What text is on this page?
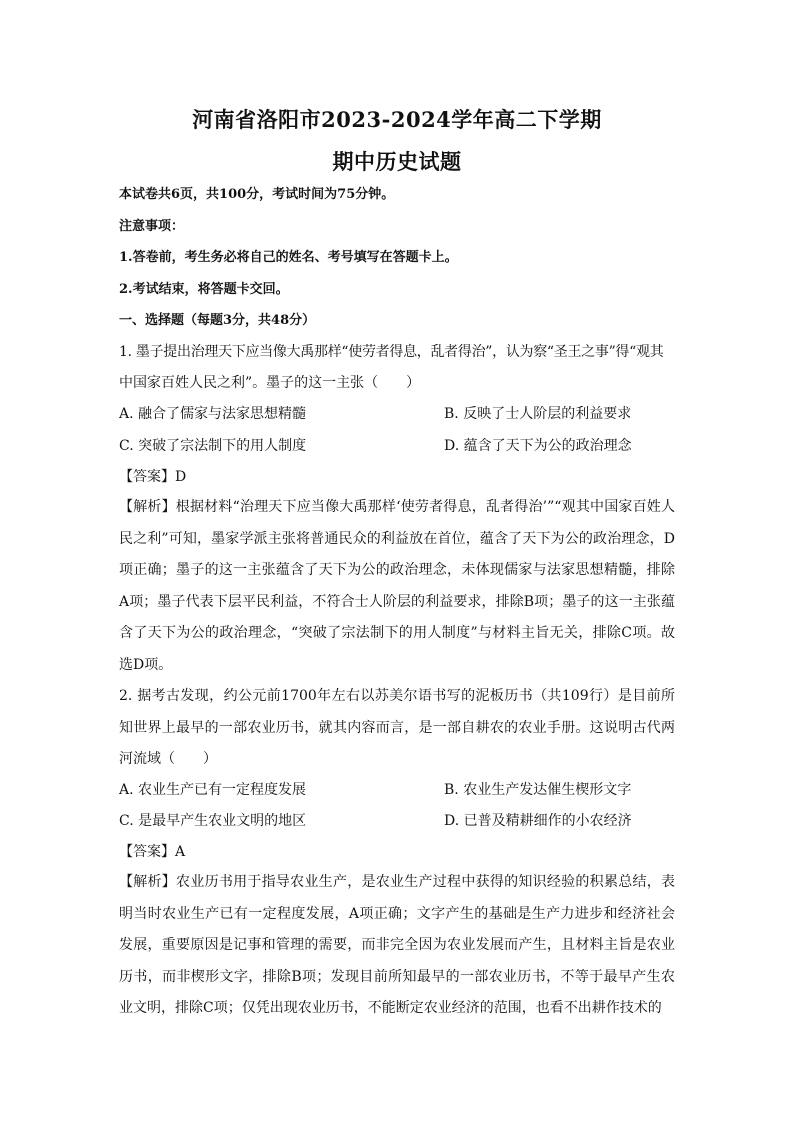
河南省洛阳市2023-2024学年高二下学期
期中历史试题
本试卷共6页，共100分，考试时间为75分钟。
注意事项：
1.答卷前，考生务必将自己的姓名、考号填写在答题卡上。
2.考试结束，将答题卡交回。
一、选择题（每题3分，共48分）
1. 墨子提出治理天下应当像大禹那样“使劳者得息，乱者得治”，认为察“圣王之事”得“观其
中国家百姓人民之利”。墨子的这一主张（　　）
A. 融合了儒家与法家思想精髓	B. 反映了士人阶层的利益要求
C. 突破了宗法制下的用人制度	D. 蕴含了天下为公的政治理念
【答案】D
【解析】根据材料“治理天下应当像大禹那样‘使劳者得息，乱者得治’”“观其中国家百姓人民之利”可知，墨家学派主张将普通民众的利益放在首位，蕴含了天下为公的政治理念，D项正确；墨子的这一主张蕴含了天下为公的政治理念，未体现儒家与法家思想精髓，排除A项；墨子代表下层平民利益，不符合士人阶层的利益要求，排除B项；墨子的这一主张蕴含了天下为公的政治理念，“突破了宗法制下的用人制度”与材料主旨无关，排除C项。故选D项。
2. 据考古发现，约公元前1700年左右以苏美尔语书写的泥板历书（共109行）是目前所知世界上最早的一部农业历书，就其内容而言，是一部自耕农的农业手册。这说明古代两河流域（　　）
A. 农业生产已有一定程度发展	B. 农业生产发达催生楔形文字
C. 是最早产生农业文明的地区	D. 已普及精耕细作的小农经济
【答案】A
【解析】农业历书用于指导农业生产，是农业生产过程中获得的知识经验的积累总结，表明当时农业生产已有一定程度发展，A项正确；文字产生的基础是生产力进步和经济社会发展，重要原因是记事和管理的需要，而非完全因为农业发展而产生，且材料主旨是农业历书，而非楔形文字，排除B项；发现目前所知最早的一部农业历书，不等于最早产生农业文明，排除C项；仅凭出现农业历书，不能断定农业经济的范围，也看不出耕作技术的
